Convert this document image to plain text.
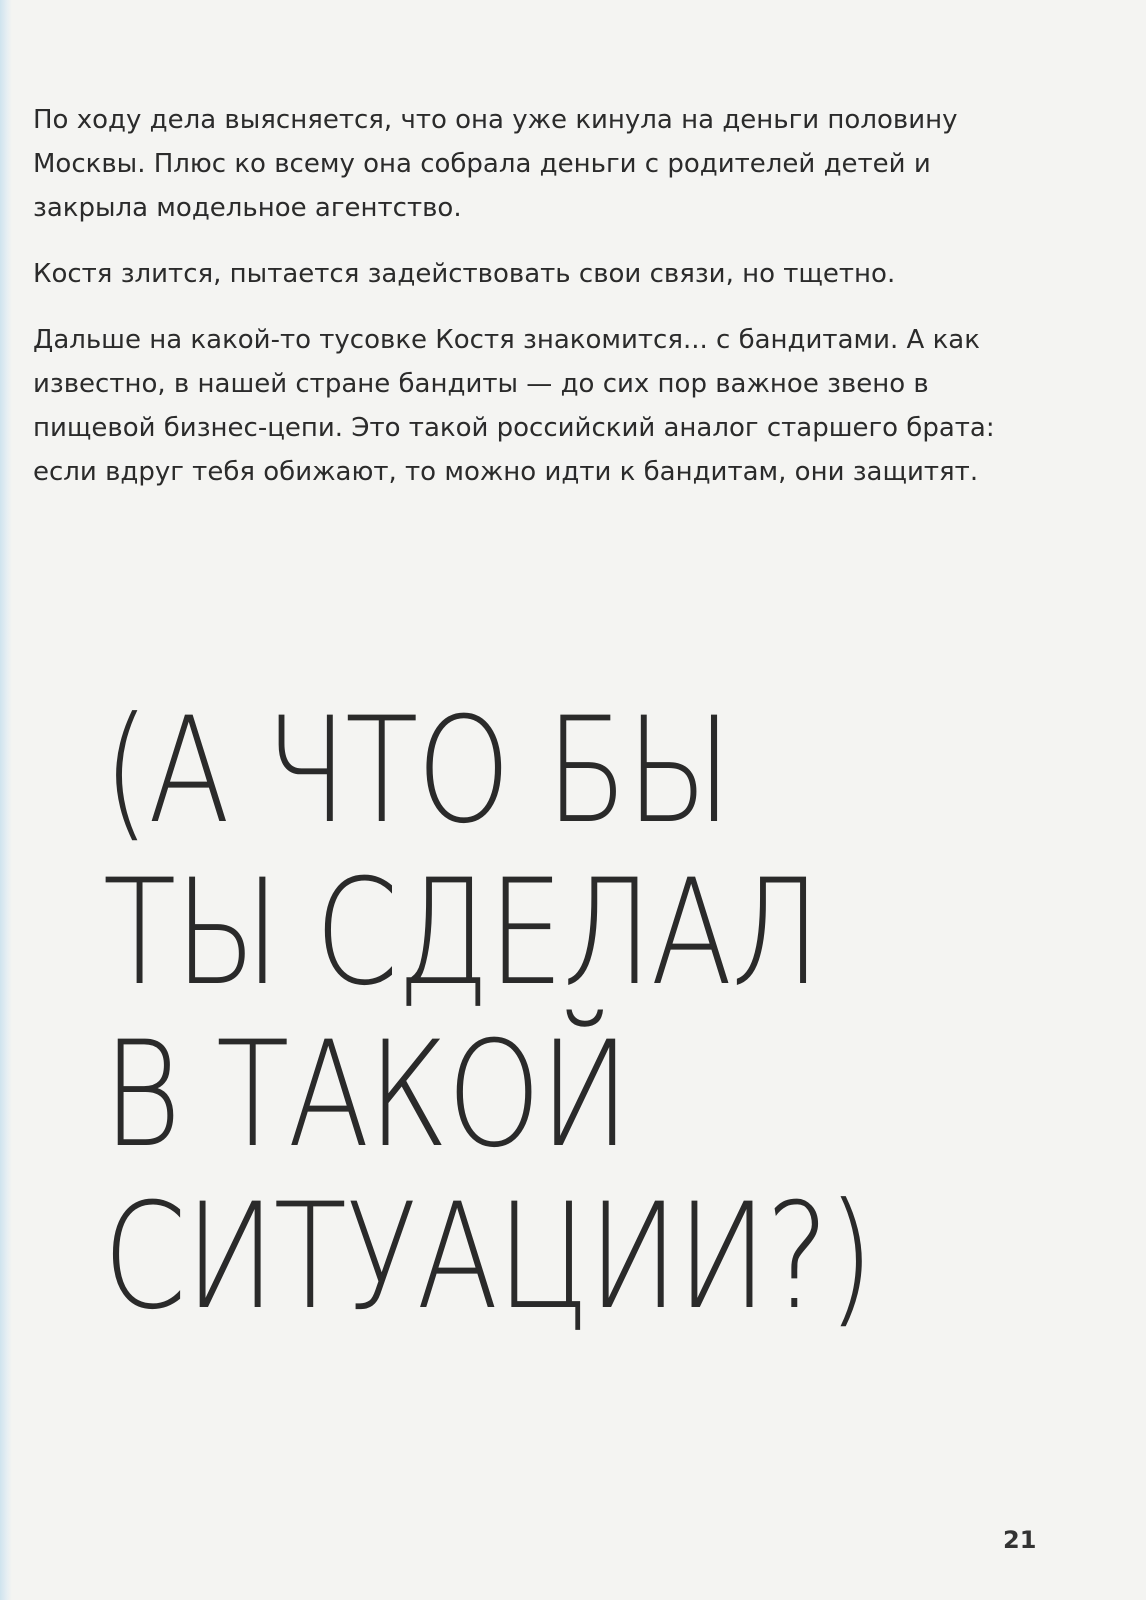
По ходу дела выясняется, что она уже кинула на деньги половину Москвы. Плюс ко всему она собрала деньги с родителей детей и закрыла модельное агентство.

Костя злится, пытается задействовать свои связи, но тщетно.

Дальше на какой-то тусовке Костя знакомится... с бандитами. А как известно, в нашей стране бандиты — до сих пор важное звено в пищевой бизнес-цепи. Это такой российский аналог старшего брата: если вдруг тебя обижают, то можно идти к бандитам, они защитят.

(А ЧТО БЫ
ТЫ СДЕЛАЛ
В ТАКОЙ
СИТУАЦИИ?)
21
